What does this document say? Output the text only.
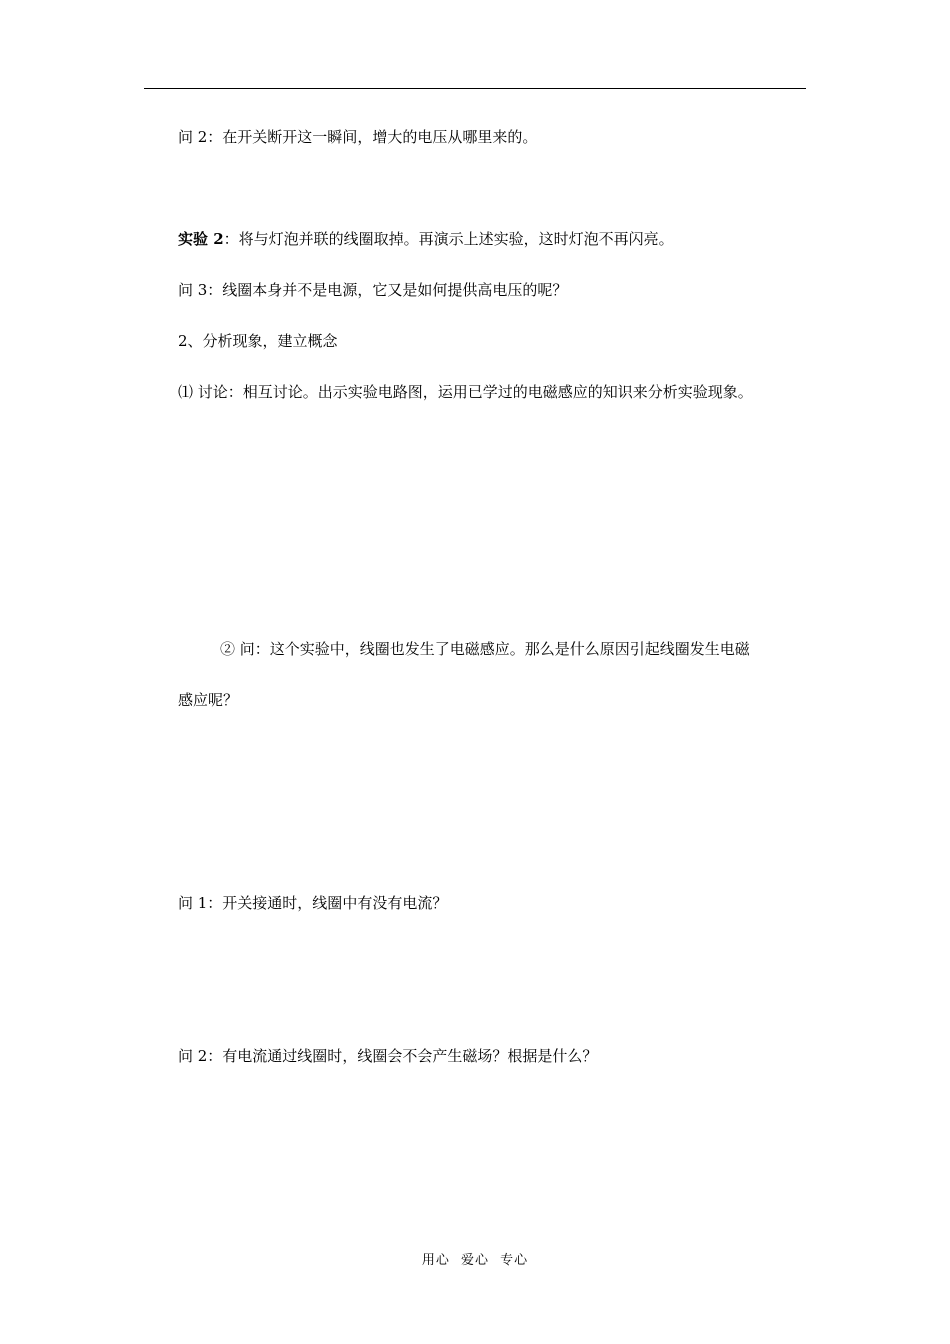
问 2：在开关断开这一瞬间，增大的电压从哪里来的。
实验 2：将与灯泡并联的线圈取掉。再演示上述实验，这时灯泡不再闪亮。
问 3：线圈本身并不是电源，它又是如何提供高电压的呢？
2、分析现象，建立概念
⑴ 讨论：相互讨论。出示实验电路图，运用已学过的电磁感应的知识来分析实验现象。
② 问：这个实验中，线圈也发生了电磁感应。那么是什么原因引起线圈发生电磁
感应呢？
问 1：开关接通时，线圈中有没有电流？
问 2：有电流通过线圈时，线圈会不会产生磁场？根据是什么？
用心 爱心 专心
